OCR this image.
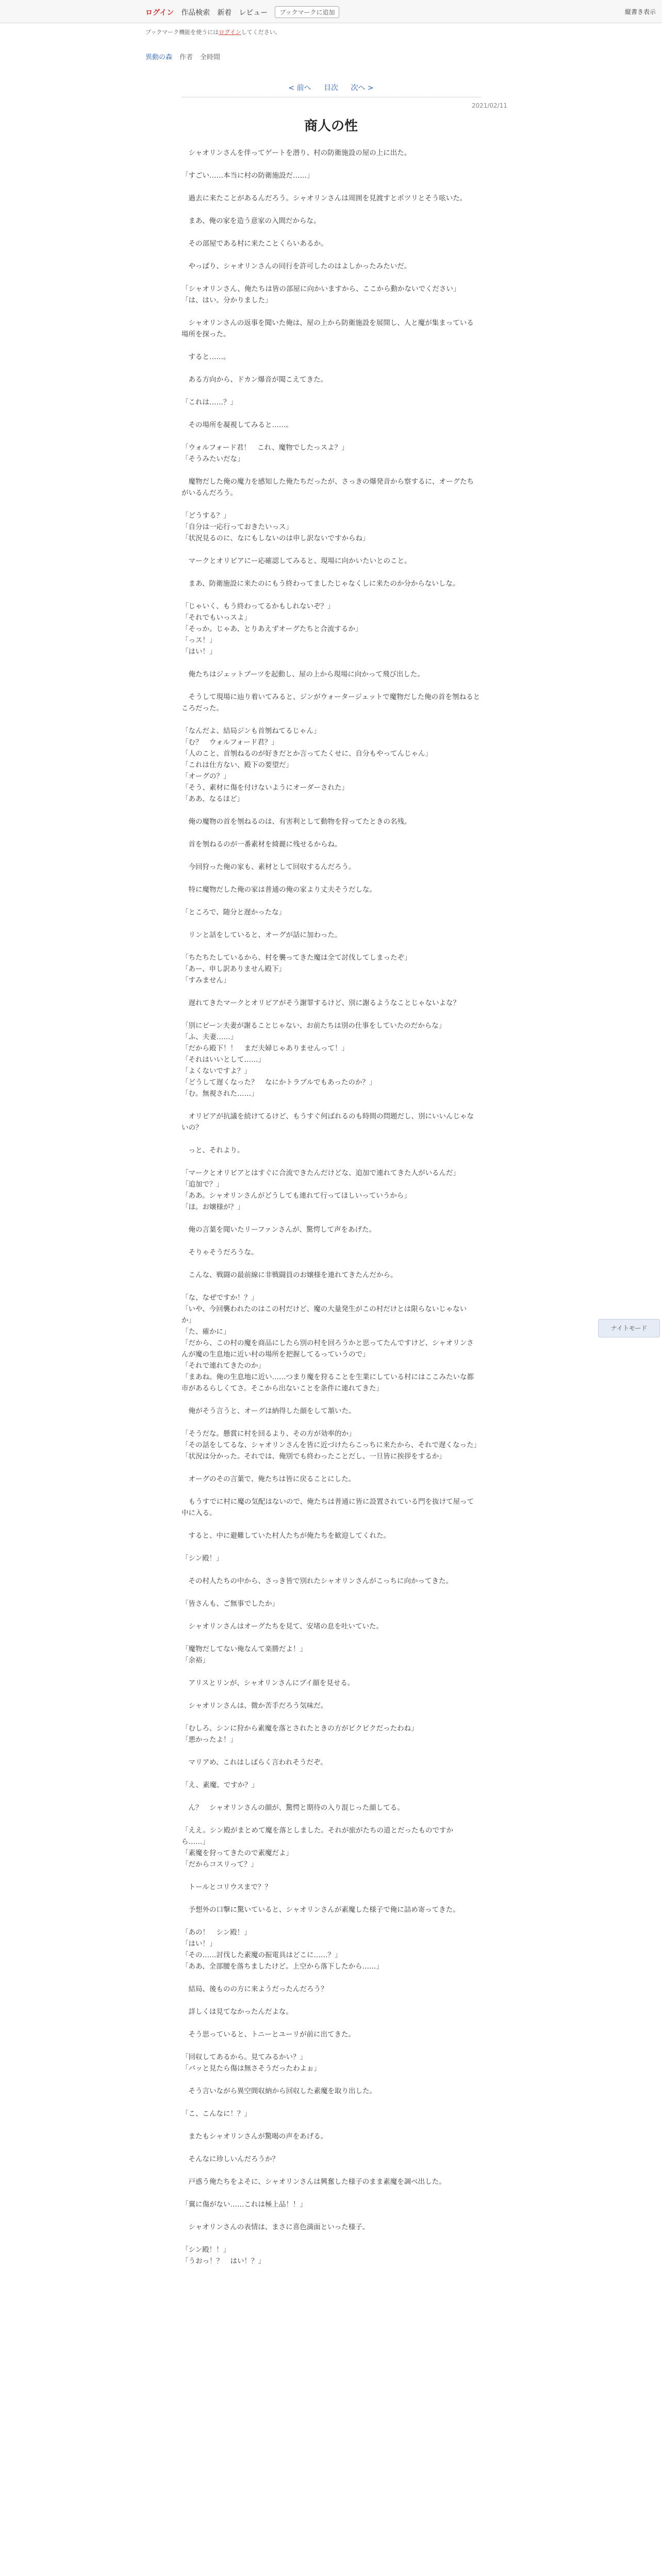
ログイン 作品検索 新着 レビュー	ブックマークに追加	縦書き表示
ブックマーク機能を使うにはログインしてください。
異動の森 作者 全時間
< 前へ 目次 次へ >
2021/02/11
商人の性

　シャオリンさんを伴ってゲートを潜り、村の防衛施設の屋の上に出た。

「すごい……本当に村の防衛施設だ……」

　過去に来たことがあるんだろう。シャオリンさんは周囲を見渡すとポツリとそう呟いた。

　まあ、俺の家を造う意家の入間だからな。

　その部屋である村に来たことくらいあるか。

　やっぱり、シャオリンさんの同行を許可したのはよしかったみたいだ。

「シャオリンさん、俺たちは皆の部屋に向かいますから、ここから動かないでください」
「は、はい。分かりました」

　シャオリンさんの返事を聞いた俺は、屋の上から防衛施設を展開し、人と魔が集まっている場所を探った。

　すると……。

　ある方向から、ドカン爆音が聞こえてきた。

「これは……？」

　その場所を凝視してみると……。

「ウォルフォード君！　これ、魔物でしたっスよ？」
「そうみたいだな」

　魔物だした俺の魔力を感知した俺たちだったが、さっきの爆発音から察するに、オーグたちがいるんだろう。

「どうする？」
「自分は一応行っておきたいっス」
「状況見るのに、なにもしないのは申し訳ないですからね」

　マークとオリビアにー応確認してみると、現場に向かいたいとのこと。

　まあ、防衛施設に来たのにもう終わってましたじゃなくしに来たのか分からないしな。

「じゃいく、もう終わってるかもしれないぞ？」
「それでもいっスよ」
「そっか。じゃあ、とりあえずオーグたちと合流するか」
「っス！」
「はい！」

　俺たちはジェットブーツを起動し、屋の上から現場に向かって飛び出した。

　そうして現場に辿り着いてみると、ジンがウォータージェットで魔物だした俺の首を刎ねるところだった。

「なんだよ、結局ジンも首刎ねてるじゃん」
「む？　ウォルフォード君？」
「人のこと、首刎ねるのが好きだとか言ってたくせに、自分もやってんじゃん」
「これは仕方ない、殿下の要望だ」
「オーグの？」
「そう、素材に傷を付けないようにオーダーされた」
「ああ、なるほど」

　俺の魔物の首を刎ねるのは、有害利として動物を狩ってたときの名残。

　首を刎ねるのが一番素材を綺麗に残せるからね。

　今回狩った俺の家も、素材として回収するんだろう。

　特に魔物だした俺の家は普通の俺の家より丈夫そうだしな。

「ところで、随分と遅かったな」

　リンと話をしていると、オーグが話に加わった。

「ちたちたしているから、村を襲ってきた魔は全て討伐してしまったぞ」
「あー、申し訳ありません殿下」
「すみません」

　遅れてきたマークとオリビアがそう謝罪するけど、別に謝るようなことじゃないよな？

「別にビーン夫妻が謝ることじゃない、お前たちは別の仕事をしていたのだからな」
「ふ、夫妻……」
「だから殿下！！　まだ夫婦じゃありませんって！」
「それはいいとして……」
「よくないですよ？」
「どうして遅くなった？　なにかトラブルでもあったのか？」
「む。無視された……」

　オリビアが抗議を続けてるけど、もうすぐ何ばれるのも時間の問題だし、別にいいんじゃないの？

　っと、それより。

「マークとオリビアとはすぐに合流できたんだけどな、追加で連れてきた人がいるんだ」
「追加で？」
「ああ。シャオリンさんがどうしても連れて行ってほしいっていうから」
「ほ。お嬢様が？」

　俺の言葉を聞いたリーファンさんが、驚愕して声をあげた。

　そりゃそうだろうな。

　こんな、戦闘の最前線に非戦闘員のお嬢様を連れてきたんだから。

「な、なぜですか！？」
「いや、今回襲われたのはこの村だけど、魔の大量発生がこの村だけとは限らないじゃないか」
「た、確かに」
「だから、この村の魔を商品にしたら別の村を回ろうかと思ってたんですけど、シャオリンさんが魔の生息地に近い村の場所を把握してるっていうので」
「それで連れてきたのか」
「まあね。俺の生息地に近い……つまり魔を狩ることを生業にしている村にはここみたいな都市があるらしくてさ。そこから出ないことを条件に連れてきた」

　俺がそう言うと、オーグは納得した顔をして頷いた。

「そうだな。懸賞に村を回るより、その方が効率的か」
「その話をしてるな、シャオリンさんを皆に近づけたらこっちに来たから、それで遅くなった」
「状況は分かった。それでは、俺別でも終わったことだし、一旦皆に挨拶をするか」

　オーグのその言葉で、俺たちは皆に戻ることにした。

　もうすでに村に魔の気配はないので、俺たちは普通に皆に設置されている門を抜けて屋って中に入る。

　すると、中に避難していた村人たちが俺たちを歓迎してくれた。

「シン殿！」

　その村人たちの中から、さっき皆で別れたシャオリンさんがこっちに向かってきた。

「皆さんも、ご無事でしたか」

　シャオリンさんはオーグたちを見て、安堵の息を吐いていた。

「魔物だしてない俺なんて楽勝だよ！」
「余裕」

　アリスとリンが、シャオリンさんにブイ顔を見せる。

　シャオリンさんは、微か苦手だろう気味だ。

「むしろ、シンに狩から素魔を落とされたときの方がビクビクだったわね」
「悪かったよ！」

　マリアめ、これはしばらく言われそうだぞ。

「え、素魔、ですか？」

　ん？　シャオリンさんの顔が、驚愕と期待の入り混じった顔してる。

「ええ。シン殿がまとめて魔を落としました。それが旅がたちの道とだったものですから……」
「素魔を狩ってきたので素魔だよ」
「だからコスリって？」

　トールとコリウスまで？？

　予想外の口撃に驚いていると、シャオリンさんが素魔した様子で俺に詰め寄ってきた。

「あの！　シン殿！」
「はい！」
「その……討伐した素魔の振電具はどこに……？」
「ああ、全部腰を落ちましたけど。上空から落下したから……」

　結局、後ものの方に来ようだったんだろう？

　詳しくは見てなかったんだよな。

　そう思っていると、トニーとユーリが前に出てきた。

「回収してあるから。見てみるかい？」
「バッと見たら傷は無さそうだったわよぉ」

　そう言いながら異空間収納から回収した素魔を取り出した。

「こ、こんなに！？」

　またもシャオリンさんが驚喝の声をあげる。

　そんなに珍しいんだろうか？

　戸惑う俺たちをよそに、シャオリンさんは興奮した様子のまま素魔を調べ出した。

「翼に傷がない……これは極上品！！」

　シャオリンさんの表情は、まさに喜色満面といった様子。

「シン殿！！」
「うおっ！？　はい！？」

ナイトモード
